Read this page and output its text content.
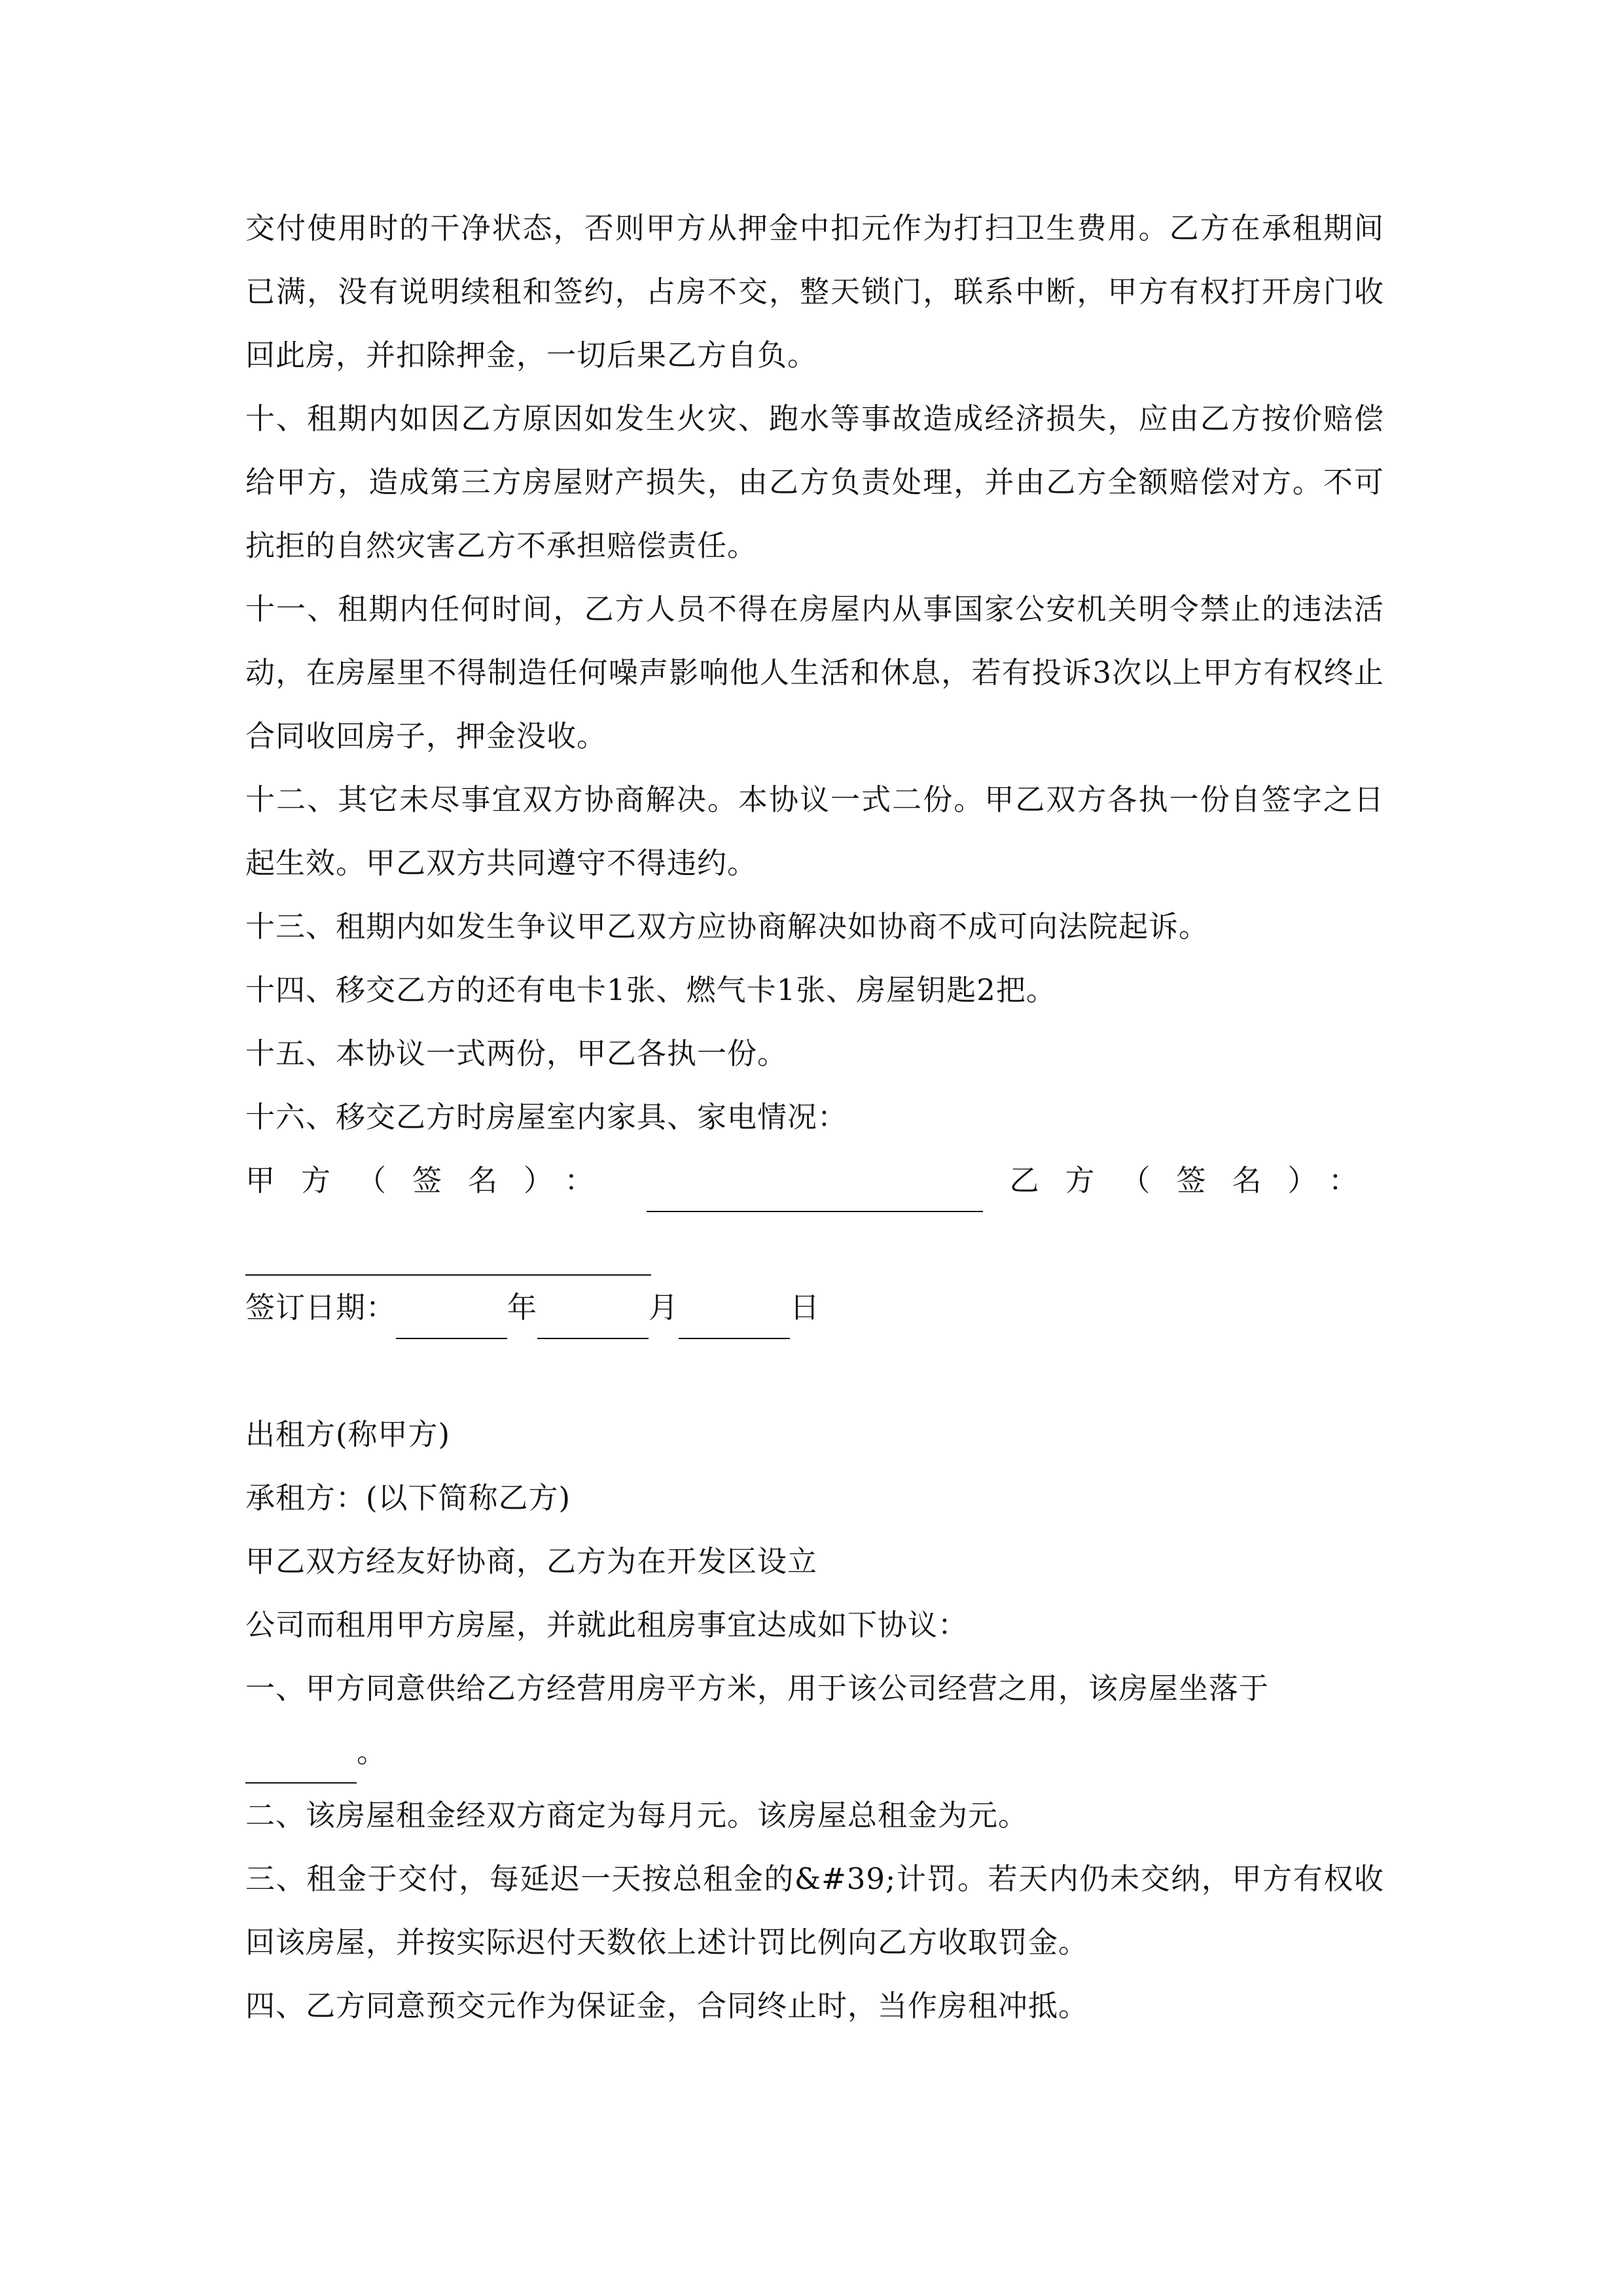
交付使用时的干净状态，否则甲方从押金中扣元作为打扫卫生费用。乙方在承租期间已满，没有说明续租和签约，占房不交，整天锁门，联系中断，甲方有权打开房门收回此房，并扣除押金，一切后果乙方自负。

十、租期内如因乙方原因如发生火灾、跑水等事故造成经济损失，应由乙方按价赔偿给甲方，造成第三方房屋财产损失，由乙方负责处理，并由乙方全额赔偿对方。不可抗拒的自然灾害乙方不承担赔偿责任。

十一、租期内任何时间，乙方人员不得在房屋内从事国家公安机关明令禁止的违法活动，在房屋里不得制造任何噪声影响他人生活和休息，若有投诉3次以上甲方有权终止合同收回房子，押金没收。

十二、其它未尽事宜双方协商解决。本协议一式二份。甲乙双方各执一份自签字之日起生效。甲乙双方共同遵守不得违约。

十三、租期内如发生争议甲乙双方应协商解决如协商不成可向法院起诉。

十四、移交乙方的还有电卡1张、燃气卡1张、房屋钥匙2把。

十五、本协议一式两份，甲乙各执一份。

十六、移交乙方时房屋室内家具、家电情况：

甲方（签名）：	乙方（签名）：
签订日期：	年	月	日

出租方(称甲方)

承租方：(以下简称乙方)

甲乙双方经友好协商，乙方为在开发区设立

公司而租用甲方房屋，并就此租房事宜达成如下协议：

一、甲方同意供给乙方经营用房平方米，用于该公司经营之用，该房屋坐落于

。

二、该房屋租金经双方商定为每月元。该房屋总租金为元。

三、租金于交付，每延迟一天按总租金的&#39;计罚。若天内仍未交纳，甲方有权收回该房屋，并按实际迟付天数依上述计罚比例向乙方收取罚金。

四、乙方同意预交元作为保证金，合同终止时，当作房租冲抵。
